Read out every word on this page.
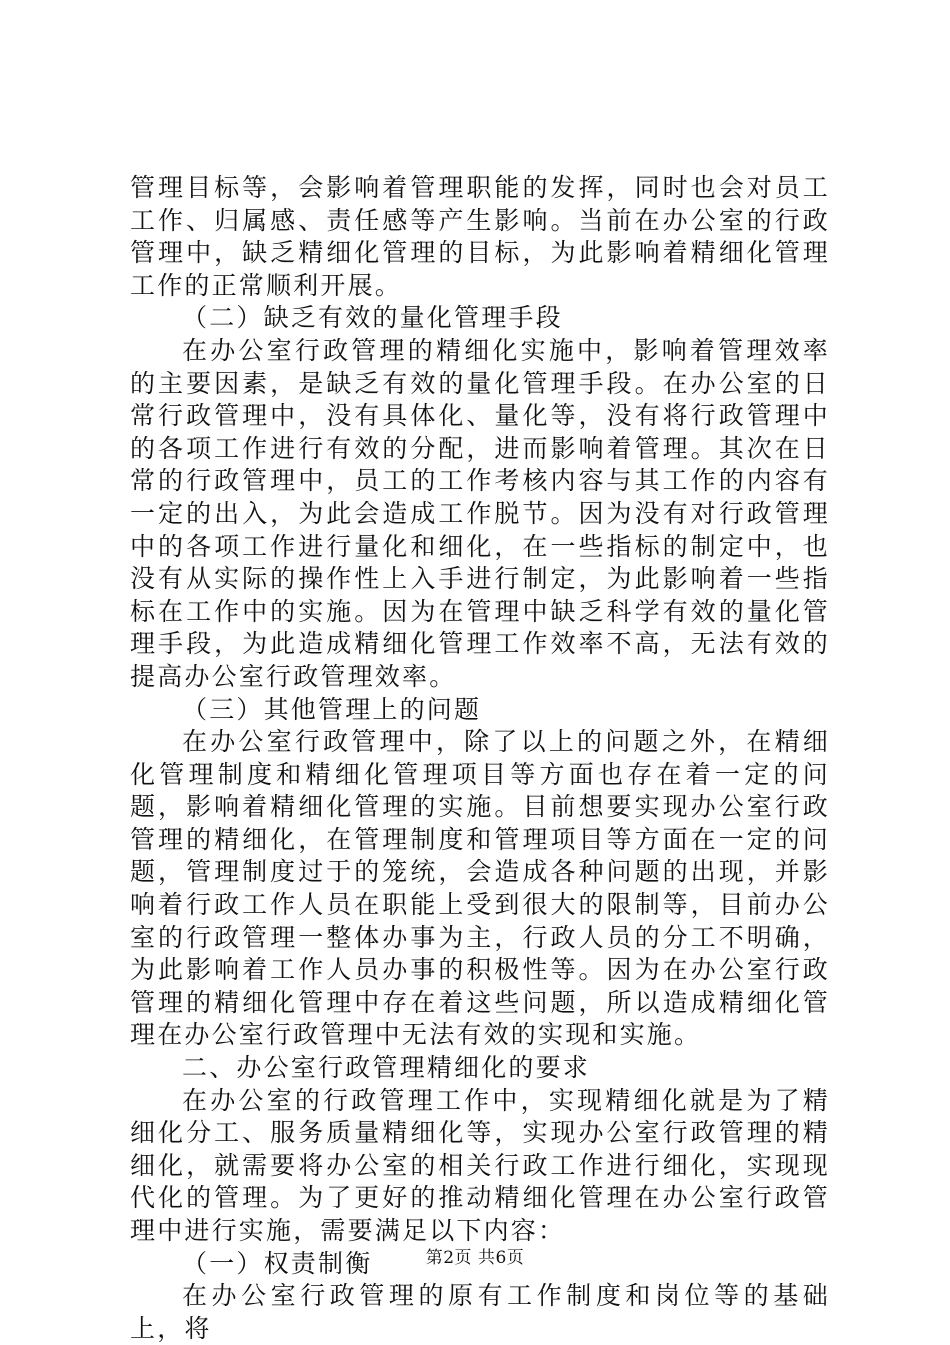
管理目标等，会影响着管理职能的发挥，同时也会对员工工作、归属感、责任感等产生影响。当前在办公室的行政管理中，缺乏精细化管理的目标，为此影响着精细化管理工作的正常顺利开展。

（二）缺乏有效的量化管理手段

在办公室行政管理的精细化实施中，影响着管理效率的主要因素，是缺乏有效的量化管理手段。在办公室的日常行政管理中，没有具体化、量化等，没有将行政管理中的各项工作进行有效的分配，进而影响着管理。其次在日常的行政管理中，员工的工作考核内容与其工作的内容有一定的出入，为此会造成工作脱节。因为没有对行政管理中的各项工作进行量化和细化，在一些指标的制定中，也没有从实际的操作性上入手进行制定，为此影响着一些指标在工作中的实施。因为在管理中缺乏科学有效的量化管理手段，为此造成精细化管理工作效率不高，无法有效的提高办公室行政管理效率。

（三）其他管理上的问题

在办公室行政管理中，除了以上的问题之外，在精细化管理制度和精细化管理项目等方面也存在着一定的问题，影响着精细化管理的实施。目前想要实现办公室行政管理的精细化，在管理制度和管理项目等方面在一定的问题，管理制度过于的笼统，会造成各种问题的出现，并影响着行政工作人员在职能上受到很大的限制等，目前办公室的行政管理一整体办事为主，行政人员的分工不明确，为此影响着工作人员办事的积极性等。因为在办公室行政管理的精细化管理中存在着这些问题，所以造成精细化管理在办公室行政管理中无法有效的实现和实施。

二、办公室行政管理精细化的要求

在办公室的行政管理工作中，实现精细化就是为了精细化分工、服务质量精细化等，实现办公室行政管理的精细化，就需要将办公室的相关行政工作进行细化，实现现代化的管理。为了更好的推动精细化管理在办公室行政管理中进行实施，需要满足以下内容：

（一）权责制衡

在办公室行政管理的原有工作制度和岗位等的基础上，将

第2页 共6页
